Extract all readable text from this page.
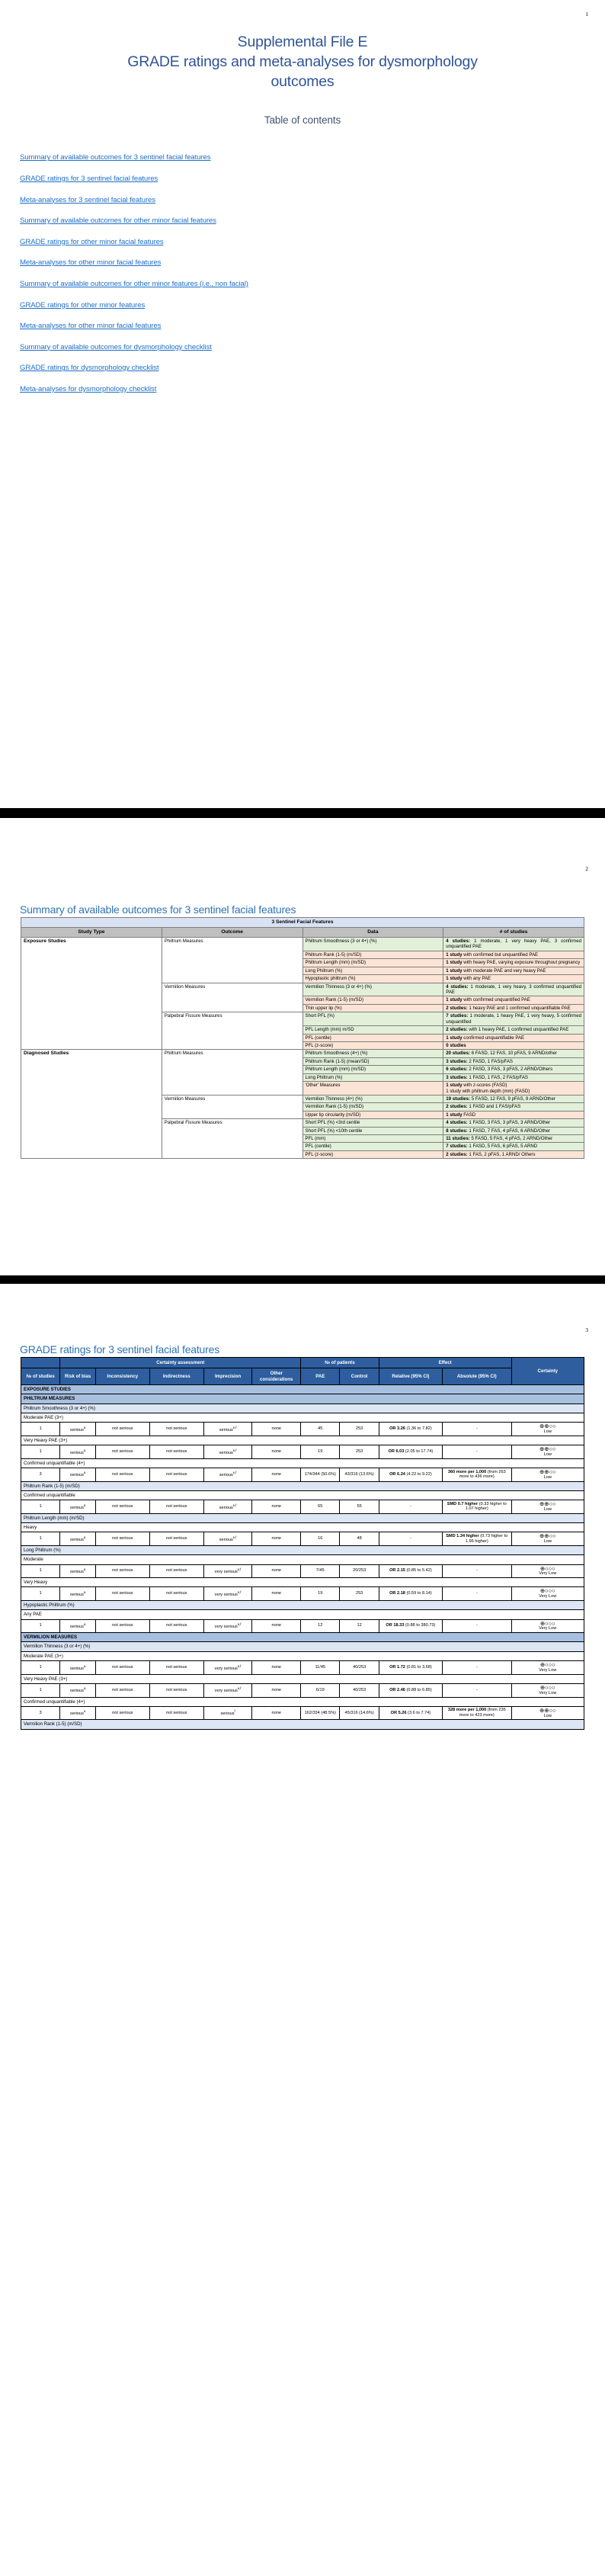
1
Supplemental File E
GRADE ratings and meta-analyses for dysmorphology
outcomes
Table of contents
Summary of available outcomes for 3 sentinel facial features
GRADE ratings for 3 sentinel facial features
Meta-analyses for 3 sentinel facial features
Summary of available outcomes for other minor facial features
GRADE ratings for other minor facial features
Meta-analyses for other minor facial features
Summary of available outcomes for other minor features (i.e., non facial)
GRADE ratings for other minor features
Meta-analyses for other minor facial features
Summary of available outcomes for dysmorphology checklist
GRADE ratings for dysmorphology checklist
Meta-analyses for dysmorphology checklist
2
Summary of available outcomes for 3 sentinel facial features
3 Sentinel Facial Features			
Study Type	Outcome	Data	# of studies
Exposure Studies	Philtrum Measures	Philtrum Smoothness (3 or 4+) (%)	4 studies: 1 moderate, 1 very heavy PAE, 3 confirmed unquantified PAE
		Philtrum Rank (1-5) (m/SD)	1 study with confirmed but unquantified PAE
		Philtrum Length (mm) (m/SD)	1 study with heavy PAE, varying exposure throughout pregnancy
		Long Philtrum (%)	1 study with moderate PAE and very heavy PAE
		Hypoplastic philtrum (%)	1 study with any PAE
	Vermilion Measures	Vermilion Thinness (3 or 4+) (%)	4 studies: 1 moderate, 1 very heavy, 3 confirmed unquantified PAE
		Vermilion Rank (1-5) (m/SD)	1 study with confirmed unquantified PAE
		Thin upper lip (%)	2 studies: 1 heavy PAE and 1 confirmed unquantifiable PAE
	Palpebral Fissure Measures	Short PFL (%)	7 studies: 1 moderate, 1 heavy PAE, 1 very heavy, 5 confirmed unquantified
		PFL Length (mm) m/SD	2 studies: with 1 heavy PAE, 1 confirmed unquantified PAE
		PFL (centile)	1 study confirmed unquantifiable PAE
		PFL (z-score)	0 studies
Diagnosed Studies	Philtrum Measures	Philtrum Smoothness (4+) (%)	20 studies: 6 FASD, 12 FAS, 10 pFAS, 9 ARND/other
		Philtrum Rank (1-5) (mean/SD)	3 studies: 2 FASD, 1 FAS/pFAS
		Philtrum Length (mm) (m/SD)	6 studies: 2 FASD, 3 FAS, 3 pFAS, 2 ARND/Others
		Long Philtrum (%)	3 studies: 1 FASD, 1 FAS, 2 FAS/pFAS
		'Other' Measures	1 study with z-scores (FASD)
1 study with philtrum depth (mm) (FASD)
	Vermilion Measures	Vermilion Thinness (4+) (%)	19 studies: 5 FASD, 12 FAS, 9 pFAS, 9 ARND/Other
		Vermilion Rank (1-5) (m/SD)	2 studies: 1 FASD and 1 FAS/pFAS
		Upper lip circularity (m/SD)	1 study FASD
	Palpebral Fissure Measures	Short PFL (%) <3rd centile	4 studies: 1 FASD, 3 FAS, 3 pFAS, 3 ARND/Other
		Short PFL (%) <10th centile	8 studies: 1 FASD, 7 FAS, 4 pFAS, 6 ARND/Other
		PFL (mm)	11 studies: 5 FASD, 5 FAS, 4 pFAS, 2 ARND/Other
		PFL (centile)	7 studies: 1 FASD, 5 FAS, 6 pFAS, 5 ARND
		PFL (z-score)	2 studies: 1 FAS, 2 pFAS, 1 ARND/ Others
3
GRADE ratings for 3 sentinel facial features
	Certainty assessment					№ of patients		Effect		Certainty
№ of studies	Risk of bias	Inconsistency	Indirectness	Imprecision	Other considerations	PAE	Control	Relative (95% CI)	Absolute (95% CI)	
EXPOSURE STUDIES										
PHILTRUM MEASURES										
Philtrum Smoothness (3 or 4+) (%)										
Moderate PAE (3+)										
1	serious$^a$	not serious	not serious	serious$^{e,f}$	none	45	253	OR 3.26 (1.36 to 7.82)	-	⊕⊕○○
Low

Very Heavy PAE (3+)										
1	serious$^a$	not serious	not serious	serious$^{e,f}$	none	19	253	OR 6.03 (2.05 to 17.74)	-	⊕⊕○○
Low

Confirmed unquantifiable (4+)										
3	serious$^a$	not serious	not serious	serious$^{e,f}$	none	174/344 (50.6%)	43/316 (13.6%)	OR 6.24 (4.22 to 9.22)	360 more per 1,000 (from 263 more to 436 more)	⊕⊕○○
Low

Philtrum Rank (1-5) (m/SD)										
Confirmed unquantifiable										
1	serious$^a$	not serious	not serious	serious$^{e,f}$	none	65	55	-	SMD 0.7 higher (0.33 higher to 1.07 higher)	⊕⊕○○
Low

Philtrum Length (mm) (m/SD)										
Heavy										
1	serious$^a$	not serious	not serious	serious$^{e,f}$	none	16	48	-	SMD 1.34 higher (0.73 higher to 1.96 higher)	⊕⊕○○
Low

Long Philtrum (%)										
Moderate										
1	serious$^a$	not serious	not serious	very serious$^{e,f}$	none	7/45	20/253	OR 2.15 (0.85 to 5.42)	-	⊕○○○
Very Low

Very Heavy										
1	serious$^a$	not serious	not serious	very serious$^{e,f}$	none	19	253	OR 2.18 (0.59 to 8.14)	-	⊕○○○
Very Low

Hypoplastic Philtrum (%)										
Any PAE										
1	serious$^a$	not serious	not serious	very serious$^{e,f}$	none	12	12	OR 18.33 (0.88 to 380.73)	-	⊕○○○
Very Low

VERMILION MEASURES										
Vermilion Thinness (3 or 4+) (%)										
Moderate PAE (3+)										
1	serious$^a$	not serious	not serious	very serious$^{e,f}$	none	11/45	40/253	OR 1.72 (0.81 to 3.68)	-	⊕○○○
Very Low

Very Heavy PAE (3+)										
1	serious$^a$	not serious	not serious	very serious$^{e,f}$	none	6/19	40/253	OR 2.46 (0.88 to 6.85)	-	⊕○○○
Very Low

Confirmed unquantifiable (4+)										
3	serious$^a$	not serious	not serious	serious$^f$	none	162/334 (48.5%)	45/316 (14.6%)	OR 5.26 (3.6 to 7.74)	328 more per 1,000 (from 235 more to 423 more)	⊕⊕○○
Low

Vermilion Rank (1-5) (m/SD)										
